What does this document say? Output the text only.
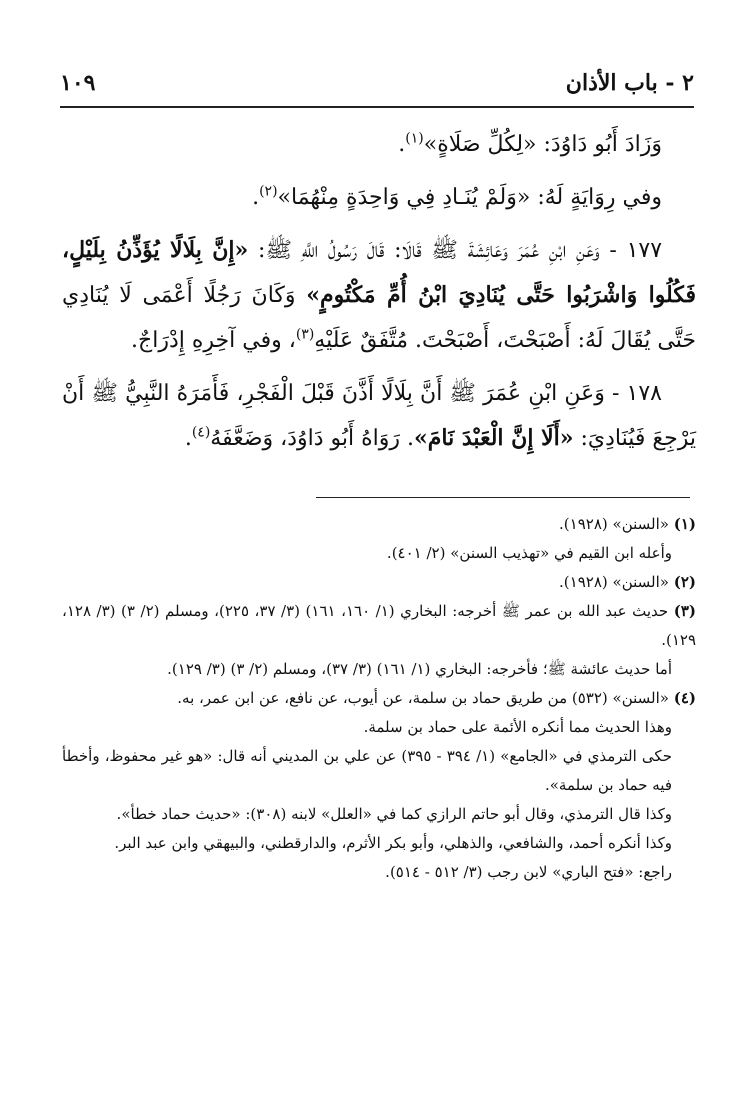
٢ - باب الأذان
١٠٩

وَزَادَ أَبُو دَاوُدَ: «لِكُلِّ صَلَاةٍ»$^{(١)}$.

وفي رِوَايَةٍ لَهُ: «وَلَمْ يُنَـادِ فِي وَاحِدَةٍ مِنْهُمَا»$^{(٢)}$.

١٧٧ - وَعَنِ ابْنِ عُمَرَ وَعَائِشَةَ ﷺ قَالَا: قَالَ رَسُولُ اللَّهِ ﷺ: «إِنَّ بِلَالًا يُؤَذِّنُ بِلَيْلٍ، فَكُلُوا وَاشْرَبُوا حَتَّى يُنَادِيَ ابْنُ أُمِّ مَكْتُومٍ» وَكَانَ رَجُلًا أَعْمَى لَا يُنَادِي حَتَّى يُقَالَ لَهُ: أَصْبَحْتَ، أَصْبَحْتَ. مُتَّفَقٌ عَلَيْهِ$^{(٣)}$، وفي آخِرِهِ إِدْرَاجٌ.

١٧٨ - وَعَنِ ابْنِ عُمَرَ ﷺ أَنَّ بِلَالًا أَذَّنَ قَبْلَ الْفَجْرِ، فَأَمَرَهُ النَّبِيُّ ﷺ أَنْ يَرْجِعَ فَيُنَادِيَ: «أَلَا إِنَّ الْعَبْدَ نَامَ». رَوَاهُ أَبُو دَاوُدَ، وَضَعَّفَهُ$^{(٤)}$.

(١) «السنن» (١٩٢٨).

وأعله ابن القيم في «تهذيب السنن» (٢/ ٤٠١).

(٢) «السنن» (١٩٢٨).

(٣) حديث عبد الله بن عمر ﷺ أخرجه: البخاري (١/ ١٦٠، ١٦١) (٣/ ٣٧، ٢٢٥)، ومسلم (٢/ ٣) (٣/ ١٢٨، ١٢٩).

أما حديث عائشة ﷺ؛ فأخرجه: البخاري (١/ ١٦١) (٣/ ٣٧)، ومسلم (٢/ ٣) (٣/ ١٢٩).

(٤) «السنن» (٥٣٢) من طريق حماد بن سلمة، عن أيوب، عن نافع، عن ابن عمر، به.

وهذا الحديث مما أنكره الأئمة على حماد بن سلمة.

حكى الترمذي في «الجامع» (١/ ٣٩٤ - ٣٩٥) عن علي بن المديني أنه قال: «هو غير محفوظ، وأخطأ فيه حماد بن سلمة».

وكذا قال الترمذي، وقال أبو حاتم الرازي كما في «العلل» لابنه (٣٠٨): «حديث حماد خطأ».

وكذا أنكره أحمد، والشافعي، والذهلي، وأبو بكر الأثرم، والدارقطني، والبيهقي وابن عبد البر.

راجع: «فتح الباري» لابن رجب (٣/ ٥١٢ - ٥١٤).
